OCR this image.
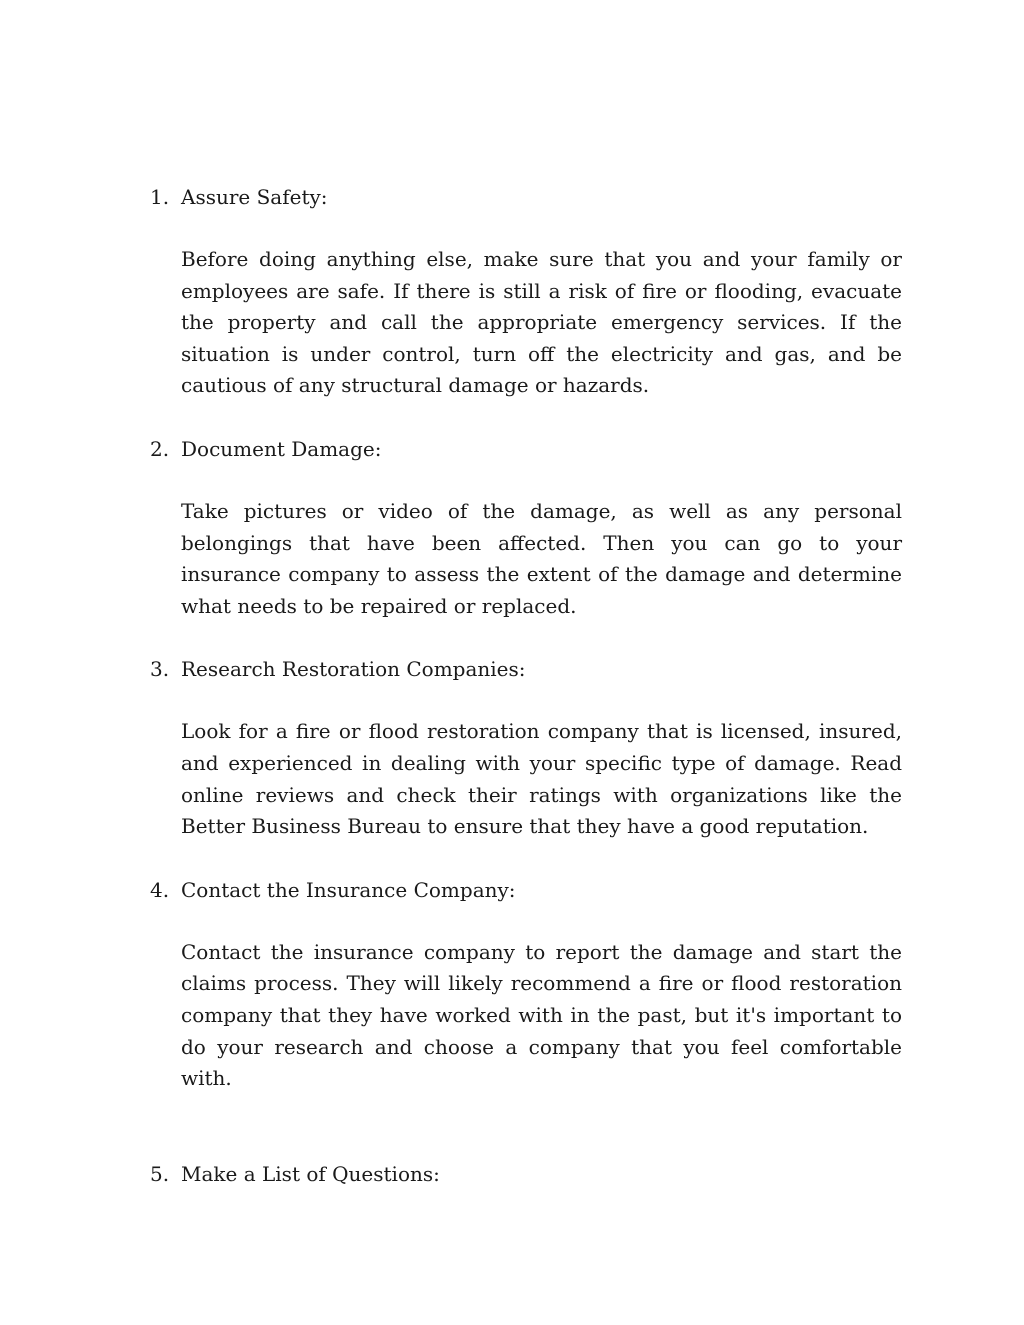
1. Assure Safety:

Before doing anything else, make sure that you and your family or employees are safe. If there is still a risk of fire or flooding, evacuate the property and call the appropriate emergency services. If the situation is under control, turn off the electricity and gas, and be cautious of any structural damage or hazards.

2. Document Damage:

Take pictures or video of the damage, as well as any personal belongings that have been affected. Then you can go to your insurance company to assess the extent of the damage and determine what needs to be repaired or replaced.

3. Research Restoration Companies:

Look for a fire or flood restoration company that is licensed, insured, and experienced in dealing with your specific type of damage. Read online reviews and check their ratings with organizations like the Better Business Bureau to ensure that they have a good reputation.

4. Contact the Insurance Company:

Contact the insurance company to report the damage and start the claims process. They will likely recommend a fire or flood restoration company that they have worked with in the past, but it's important to do your research and choose a company that you feel comfortable with.

5. Make a List of Questions:
